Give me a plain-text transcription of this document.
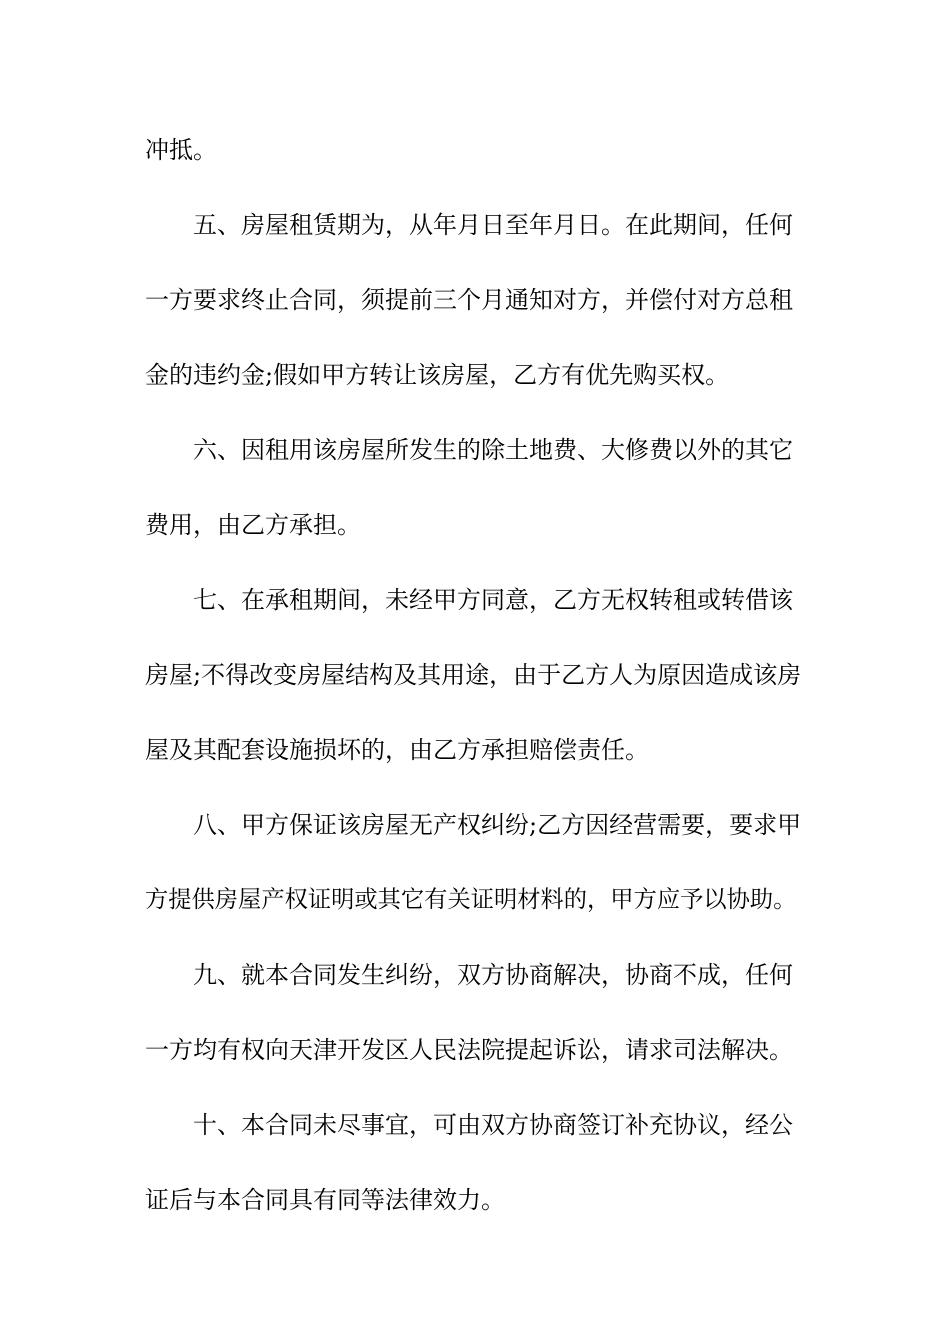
冲抵。
五、房屋租赁期为，从年月日至年月日。在此期间，任何
一方要求终止合同，须提前三个月通知对方，并偿付对方总租
金的违约金;假如甲方转让该房屋，乙方有优先购买权。
六、因租用该房屋所发生的除土地费、大修费以外的其它
费用，由乙方承担。
七、在承租期间，未经甲方同意，乙方无权转租或转借该
房屋;不得改变房屋结构及其用途，由于乙方人为原因造成该房
屋及其配套设施损坏的，由乙方承担赔偿责任。
八、甲方保证该房屋无产权纠纷;乙方因经营需要，要求甲
方提供房屋产权证明或其它有关证明材料的，甲方应予以协助。
九、就本合同发生纠纷，双方协商解决，协商不成，任何
一方均有权向天津开发区人民法院提起诉讼，请求司法解决。
十、本合同未尽事宜，可由双方协商签订补充协议，经公
证后与本合同具有同等法律效力。
